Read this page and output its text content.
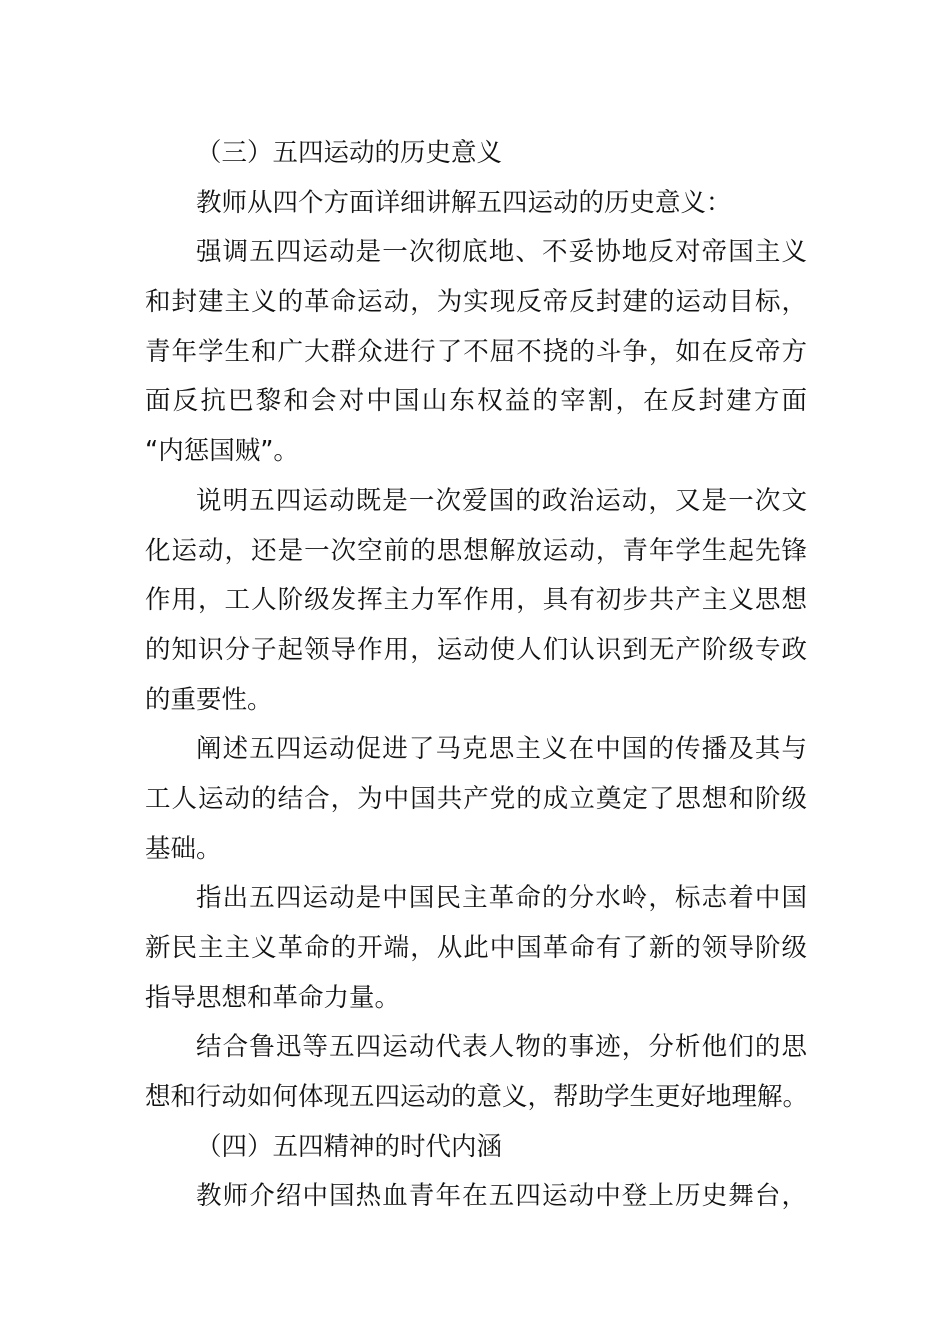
（三）五四运动的历史意义
教师从四个方面详细讲解五四运动的历史意义：
强调五四运动是一次彻底地、不妥协地反对帝国主义
和封建主义的革命运动，为实现反帝反封建的运动目标，
青年学生和广大群众进行了不屈不挠的斗争，如在反帝方
面反抗巴黎和会对中国山东权益的宰割，在反封建方面
“内惩国贼”。
说明五四运动既是一次爱国的政治运动，又是一次文
化运动，还是一次空前的思想解放运动，青年学生起先锋
作用，工人阶级发挥主力军作用，具有初步共产主义思想
的知识分子起领导作用，运动使人们认识到无产阶级专政
的重要性。
阐述五四运动促进了马克思主义在中国的传播及其与
工人运动的结合，为中国共产党的成立奠定了思想和阶级
基础。
指出五四运动是中国民主革命的分水岭，标志着中国
新民主主义革命的开端，从此中国革命有了新的领导阶级
指导思想和革命力量。
结合鲁迅等五四运动代表人物的事迹，分析他们的思
想和行动如何体现五四运动的意义，帮助学生更好地理解。
（四）五四精神的时代内涵
教师介绍中国热血青年在五四运动中登上历史舞台，
